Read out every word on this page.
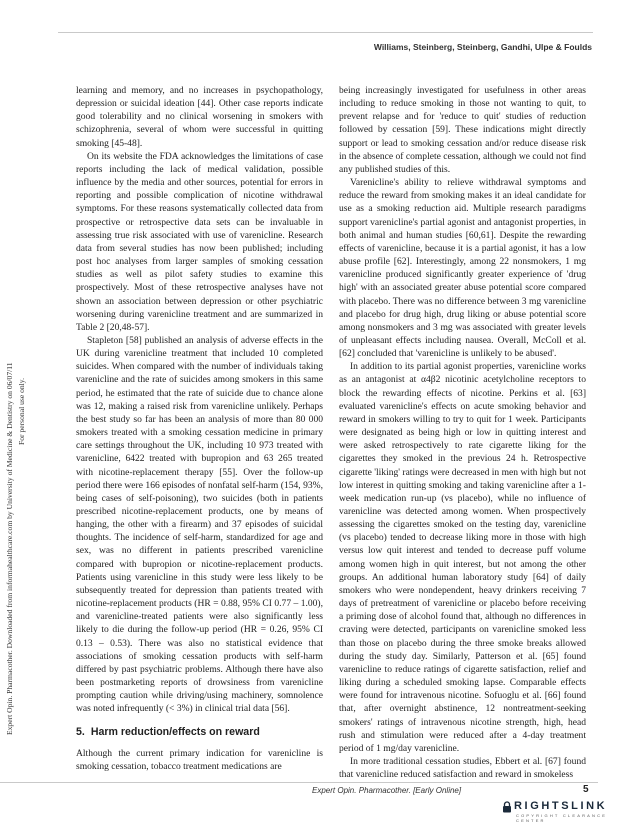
Williams, Steinberg, Steinberg, Gandhi, Ulpe & Foulds
Expert Opin. Pharmacother. Downloaded from informahealthcare.com by University of Medicine & Dentistry on 06/07/11 For personal use only.

learning and memory, and no increases in psychopathology, depression or suicidal ideation [44]. Other case reports indicate good tolerability and no clinical worsening in smokers with schizophrenia, several of whom were successful in quitting smoking [45-48].

On its website the FDA acknowledges the limitations of case reports including the lack of medical validation, possible influence by the media and other sources, potential for errors in reporting and possible complication of nicotine withdrawal symptoms. For these reasons systematically collected data from prospective or retrospective data sets can be invaluable in assessing true risk associated with use of varenicline. Research data from several studies has now been published; including post hoc analyses from larger samples of smoking cessation studies as well as pilot safety studies to examine this prospectively. Most of these retrospective analyses have not shown an association between depression or other psychiatric worsening during varenicline treatment and are summarized in Table 2 [20,48-57].

Stapleton [58] published an analysis of adverse effects in the UK during varenicline treatment that included 10 completed suicides. When compared with the number of individuals taking varenicline and the rate of suicides among smokers in this same period, he estimated that the rate of suicide due to chance alone was 12, making a raised risk from varenicline unlikely. Perhaps the best study so far has been an analysis of more than 80 000 smokers treated with a smoking cessation medicine in primary care settings throughout the UK, including 10 973 treated with varenicline, 6422 treated with bupropion and 63 265 treated with nicotine-replacement therapy [55]. Over the follow-up period there were 166 episodes of nonfatal self-harm (154, 93%, being cases of self-poisoning), two suicides (both in patients prescribed nicotine-replacement products, one by means of hanging, the other with a firearm) and 37 episodes of suicidal thoughts. The incidence of self-harm, standardized for age and sex, was no different in patients prescribed varenicline compared with bupropion or nicotine-replacement products. Patients using varenicline in this study were less likely to be subsequently treated for depression than patients treated with nicotine-replacement products (HR = 0.88, 95% CI 0.77 – 1.00), and varenicline-treated patients were also significantly less likely to die during the follow-up period (HR = 0.26, 95% CI 0.13 – 0.53). There was also no statistical evidence that associations of smoking cessation products with self-harm differed by past psychiatric problems. Although there have also been postmarketing reports of drowsiness from varenicline prompting caution while driving/using machinery, somnolence was noted infrequently (< 3%) in clinical trial data [56].

5. Harm reduction/effects on reward

Although the current primary indication for varenicline is smoking cessation, tobacco treatment medications are

being increasingly investigated for usefulness in other areas including to reduce smoking in those not wanting to quit, to prevent relapse and for 'reduce to quit' studies of reduction followed by cessation [59]. These indications might directly support or lead to smoking cessation and/or reduce disease risk in the absence of complete cessation, although we could not find any published studies of this.

Varenicline's ability to relieve withdrawal symptoms and reduce the reward from smoking makes it an ideal candidate for use as a smoking reduction aid. Multiple research paradigms support varenicline's partial agonist and antagonist properties, in both animal and human studies [60,61]. Despite the rewarding effects of varenicline, because it is a partial agonist, it has a low abuse profile [62]. Interestingly, among 22 nonsmokers, 1 mg varenicline produced significantly greater experience of 'drug high' with an associated greater abuse potential score compared with placebo. There was no difference between 3 mg varenicline and placebo for drug high, drug liking or abuse potential score among nonsmokers and 3 mg was associated with greater levels of unpleasant effects including nausea. Overall, McColl et al. [62] concluded that 'varenicline is unlikely to be abused'.

In addition to its partial agonist properties, varenicline works as an antagonist at α4β2 nicotinic acetylcholine receptors to block the rewarding effects of nicotine. Perkins et al. [63] evaluated varenicline's effects on acute smoking behavior and reward in smokers willing to try to quit for 1 week. Participants were designated as being high or low in quitting interest and were asked retrospectively to rate cigarette liking for the cigarettes they smoked in the previous 24 h. Retrospective cigarette 'liking' ratings were decreased in men with high but not low interest in quitting smoking and taking varenicline after a 1-week medication run-up (vs placebo), while no influence of varenicline was detected among women. When prospectively assessing the cigarettes smoked on the testing day, varenicline (vs placebo) tended to decrease liking more in those with high versus low quit interest and tended to decrease puff volume among women high in quit interest, but not among the other groups. An additional human laboratory study [64] of daily smokers who were nondependent, heavy drinkers receiving 7 days of pretreatment of varenicline or placebo before receiving a priming dose of alcohol found that, although no differences in craving were detected, participants on varenicline smoked less than those on placebo during the three smoke breaks allowed during the study day. Similarly, Patterson et al. [65] found varenicline to reduce ratings of cigarette satisfaction, relief and liking during a scheduled smoking lapse. Comparable effects were found for intravenous nicotine. Sofuoglu et al. [66] found that, after overnight abstinence, 12 nontreatment-seeking smokers' ratings of intravenous nicotine strength, high, head rush and stimulation were reduced after a 4-day treatment period of 1 mg/day varenicline.

In more traditional cessation studies, Ebbert et al. [67] found that varenicline reduced satisfaction and reward in smokeless

Expert Opin. Pharmacother. [Early Online]	5
RIGHTSLINK
COPYRIGHT CLEARANCE CENTER
